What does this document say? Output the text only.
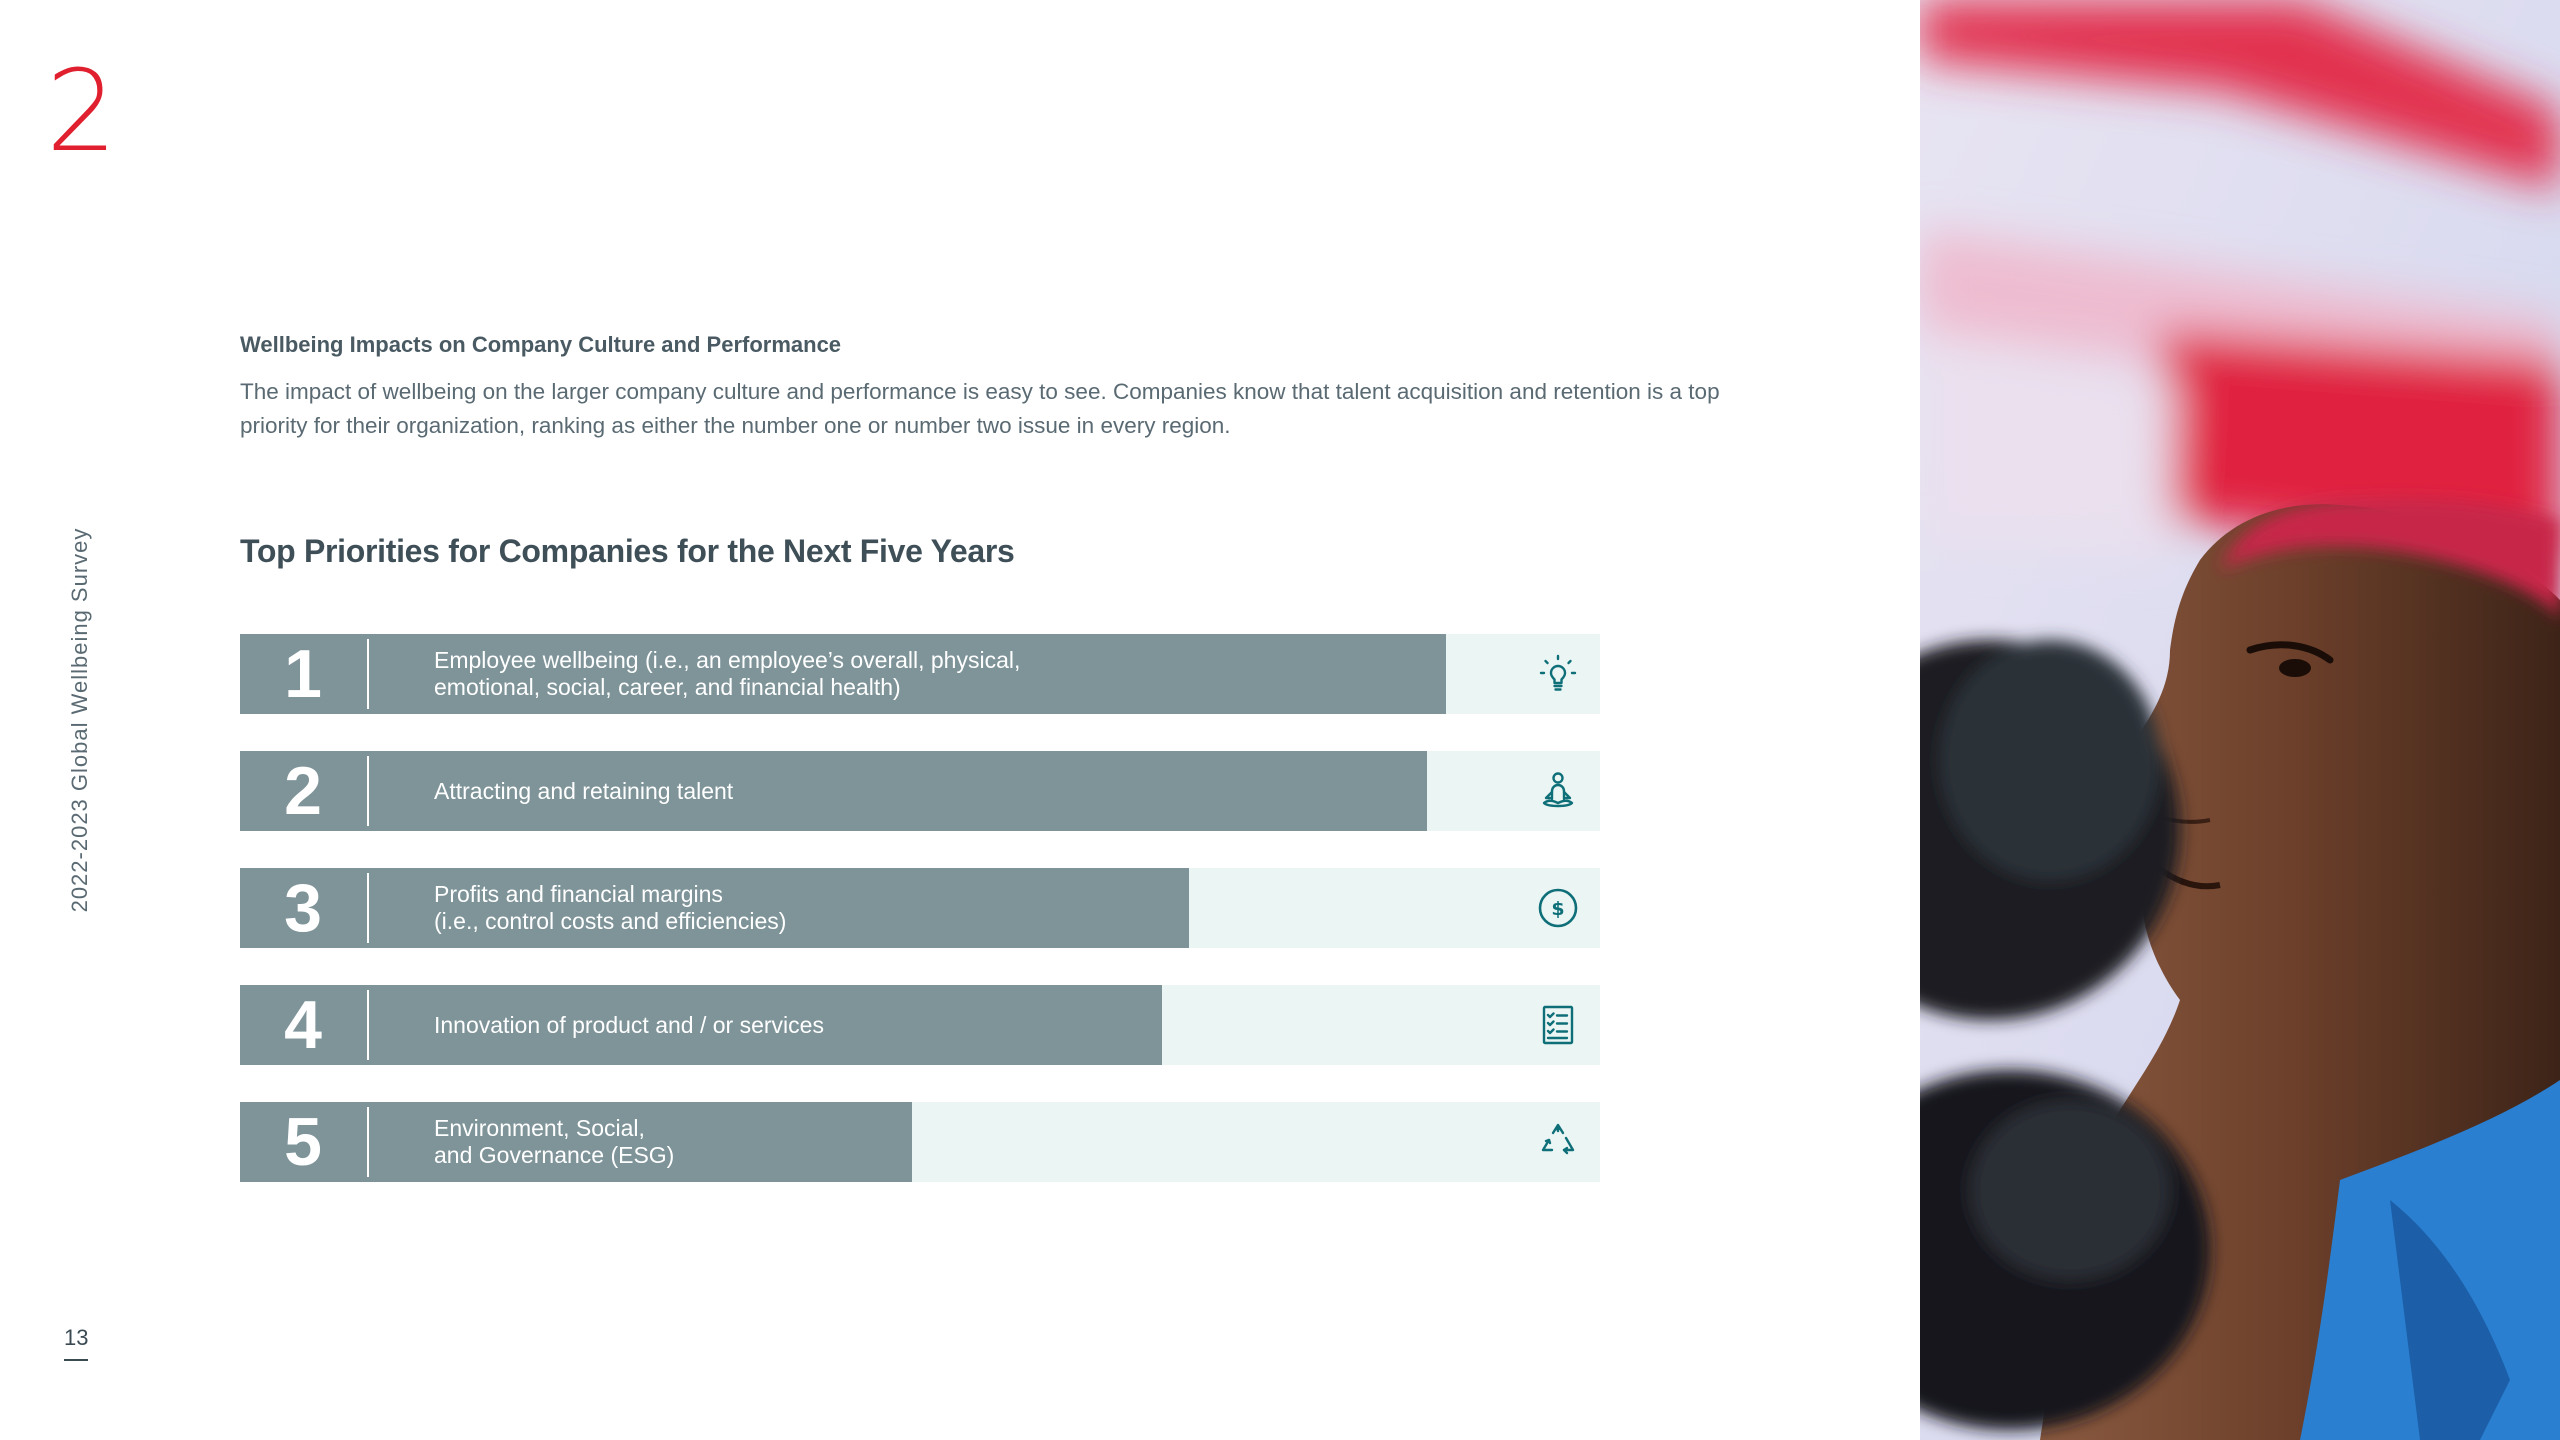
2
2022-2023 Global Wellbeing Survey
13
Wellbeing Impacts on Company Culture and Performance
The impact of wellbeing on the larger company culture and performance is easy to see. Companies know that talent acquisition and retention is a top priority for their organization, ranking as either the number one or number two issue in every region.
Top Priorities for Companies for the Next Five Years
1	Employee wellbeing (i.e., an employee’s overall, physical,
emotional, social, career, and financial health)
2	Attracting and retaining talent
3	Profits and financial margins
(i.e., control costs and efficiencies)	$
4	Innovation of product and / or services
5	Environment, Social,
and Governance (ESG)
